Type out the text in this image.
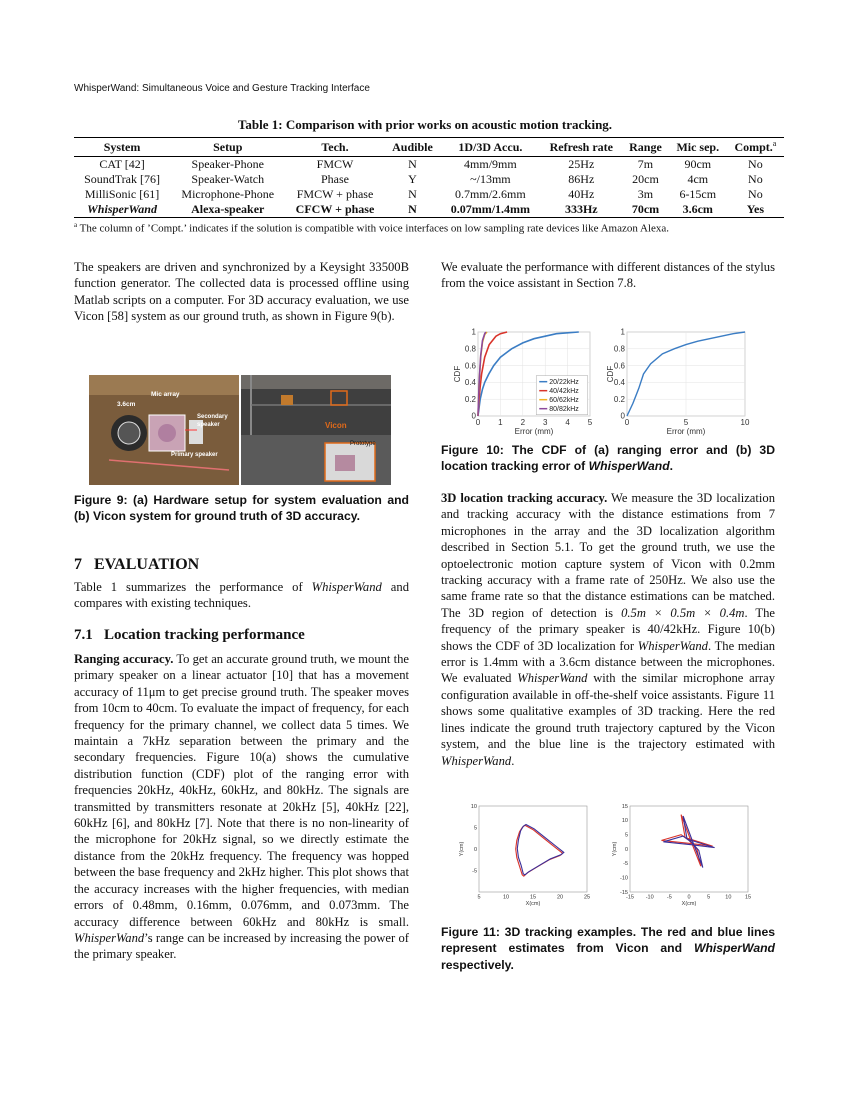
WhisperWand: Simultaneous Voice and Gesture Tracking Interface
Table 1: Comparison with prior works on acoustic motion tracking.
System	Setup	Tech.	Audible	1D/3D Accu.	Refresh rate	Range	Mic sep.	Compt.$^a$
CAT [42]	Speaker-Phone	FMCW	N	4mm/9mm	25Hz	7m	90cm	No
SoundTrak [76]	Speaker-Watch	Phase	Y	~/13mm	86Hz	20cm	4cm	No
MilliSonic [61]	Microphone-Phone	FMCW + phase	N	0.7mm/2.6mm	40Hz	3m	6-15cm	No
WhisperWand	Alexa-speaker	CFCW + phase	N	0.07mm/1.4mm	333Hz	70cm	3.6cm	Yes
$^a$ The column of ’Compt.’ indicates if the solution is compatible with voice interfaces on low sampling rate devices like Amazon Alexa.
The speakers are driven and synchronized by a Keysight 33500B function generator. The collected data is processed offline using Matlab scripts on a computer. For 3D accuracy evaluation, we use Vicon [58] system as our ground truth, as shown in Figure 9(b).
Mic array
3.6cm
Secondary speaker
Primary speaker
Vicon
Prototype
Figure 9: (a) Hardware setup for system evaluation and (b) Vicon system for ground truth of 3D accuracy.
7 EVALUATION
Table 1 summarizes the performance of WhisperWand and compares with existing techniques.
7.1 Location tracking performance
Ranging accuracy. To get an accurate ground truth, we mount the primary speaker on a linear actuator [10] that has a movement accuracy of 11μm to get precise ground truth. The speaker moves from 10cm to 40cm. To evaluate the impact of frequency, for each frequency for the primary channel, we collect data 5 times. We maintain a 7kHz separation between the primary and the secondary frequencies. Figure 10(a) shows the cumulative distribution function (CDF) plot of the ranging error with frequencies 20kHz, 40kHz, 60kHz, and 80kHz. The signals are transmitted by transmitters resonate at 20kHz [5], 40kHz [22], 60kHz [6], and 80kHz [7]. Note that there is no non-linearity of the microphone for 20kHz signal, so we directly estimate the distance from the 20kHz frequency. The frequency was hopped between the base frequency and 2kHz higher. This plot shows that the accuracy increases with the higher frequencies, with median errors of 0.48mm, 0.16mm, 0.076mm, and 0.073mm. The accuracy difference between 60kHz and 80kHz is small. WhisperWand’s range can be increased by increasing the power of the primary speaker.
We evaluate the performance with different distances of the stylus from the voice assistant in Section 7.8.
0 1 2 3 4 5
0
0.2
0.4
0.6
0.8
1
Error (mm)
CDF
20/22kHz
40/42kHz
60/62kHz
80/82kHz
0	5	10
0
0.2
0.4
0.6
0.8
1
Error (mm)
CDF
Figure 10: The CDF of (a) ranging error and (b) 3D location tracking error of WhisperWand.
3D location tracking accuracy. We measure the 3D localization and tracking accuracy with the distance estimations from 7 microphones in the array and the 3D localization algorithm described in Section 5.1. To get the ground truth, we use the optoelectronic motion capture system of Vicon with 0.2mm tracking accuracy with a frame rate of 250Hz. We also use the same frame rate so that the distance estimations can be matched. The 3D region of detection is 0.5m × 0.5m × 0.4m. The frequency of the primary speaker is 40/42kHz. Figure 10(b) shows the CDF of 3D localization for WhisperWand. The median error is 1.4mm with a 3.6cm distance between the microphones. We evaluated WhisperWand with the similar microphone array configuration available in off-the-shelf voice assistants. Figure 11 shows some qualitative examples of 3D tracking. Here the red lines indicate the ground truth trajectory captured by the Vicon system, and the blue line is the trajectory estimated with WhisperWand.
5	10	15	20	25
10
5
0
-5
X(cm)
Y(cm)
-15 -10 -5	0	5	10 15
15
10
5
0
-5
-10
-15
X(cm)
Y(cm)
Figure 11: 3D tracking examples. The red and blue lines represent estimates from Vicon and WhisperWand respectively.
